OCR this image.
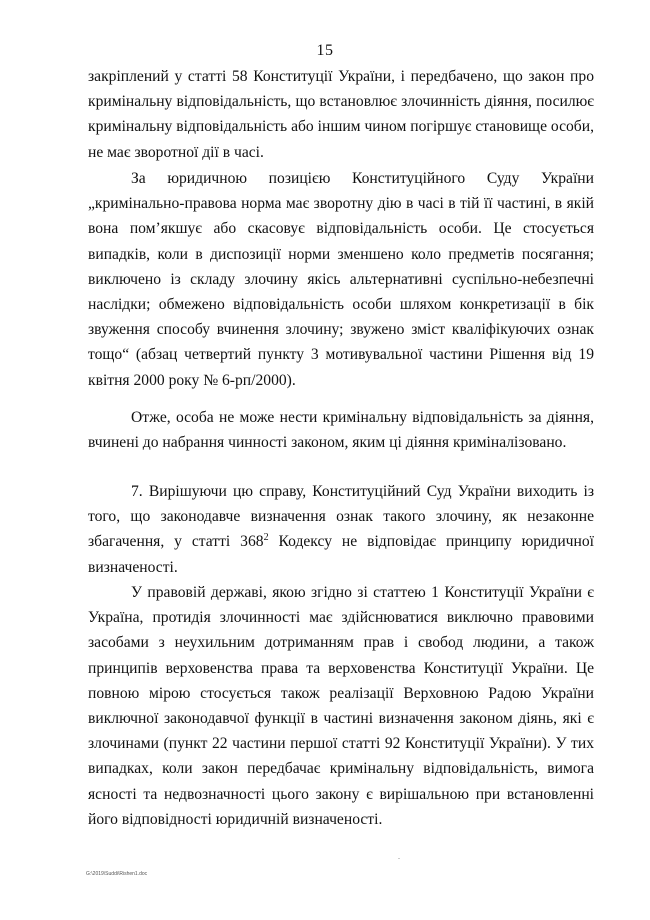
15
закріплений у статті 58 Конституції України, і передбачено, що закон про кримінальну відповідальність, що встановлює злочинність діяння, посилює кримінальну відповідальність або іншим чином погіршує становище особи, не має зворотної дії в часі.
За юридичною позицією Конституційного Суду України „кримінально-правова норма має зворотну дію в часі в тій її частині, в якій вона пом’якшує або скасовує відповідальність особи. Це стосується випадків, коли в диспозиції норми зменшено коло предметів посягання; виключено із складу злочину якісь альтернативні суспільно-небезпечні наслідки; обмежено відповідальність особи шляхом конкретизації в бік звуження способу вчинення злочину; звужено зміст кваліфікуючих ознак тощо“ (абзац четвертий пункту 3 мотивувальної частини Рішення від 19 квітня 2000 року № 6-рп/2000).
Отже, особа не може нести кримінальну відповідальність за діяння, вчинені до набрання чинності законом, яким ці діяння криміналізовано.
7. Вирішуючи цю справу, Конституційний Суд України виходить із того, що законодавче визначення ознак такого злочину, як незаконне збагачення, у статті $368^2$ Кодексу не відповідає принципу юридичної визначеності.
У правовій державі, якою згідно зі статтею 1 Конституції України є Україна, протидія злочинності має здійснюватися виключно правовими засобами з неухильним дотриманням прав і свобод людини, а також принципів верховенства права та верховенства Конституції України. Це повною мірою стосується також реалізації Верховною Радою України виключної законодавчої функції в частині визначення законом діянь, які є злочинами (пункт 22 частини першої статті 92 Конституції України). У тих випадках, коли закон передбачає кримінальну відповідальність, вимога ясності та недвозначності цього закону є вирішальною при встановленні його відповідності юридичній визначеності.
G:\2019\Suddi\Rishen1.doc
